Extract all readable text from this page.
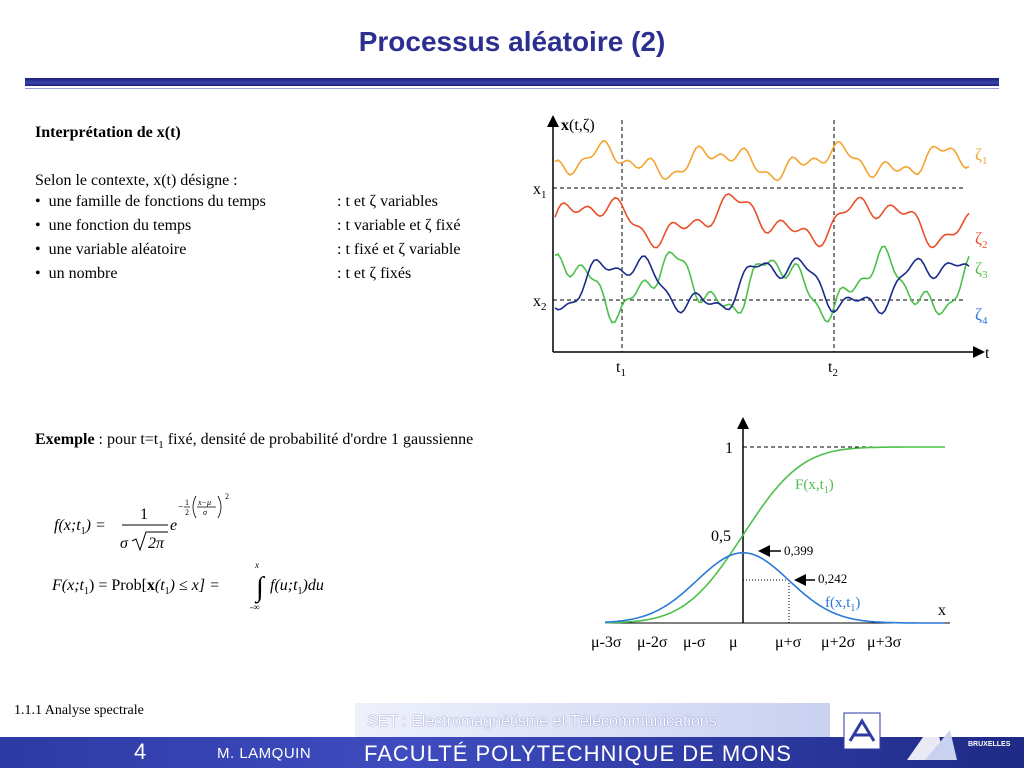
Processus aléatoire (2)
Interprétation de x(t)
Selon le contexte, x(t) désigne :
• une famille de fonctions du temps	: t et ζ variables
• une fonction du temps	: t variable et ζ fixé
• une variable aléatoire	: t fixé et ζ variable
• un nombre	: t et ζ fixés
x(t,ζ)
t
$x_1$
$x_2$
$t_1$	$t_2$
$\zeta_1$
$\zeta_2$
$\zeta_3$
$\zeta_4$
Exemple : pour $t=t_1$ fixé, densité de probabilité d'ordre 1 gaussienne
$f(x;t_1)$ =
1
σ 2π
e
− 1
2
x−μ
σ
2
$F(x;t_1)$ = $Prob[x(t_1) \le x]$ =
x
∫
-∞
$f(u;t_1)du$
1
0,5
0,399
0,242
$F(x,t_1)$
$f(x,t_1)$	x
μ-3σ μ-2σ μ-σ μ μ+σ μ+2σ μ+3σ
1.1.1 Analyse spectrale
SET : Electromagnétisme et Télécommunications
4	M. LAMQUIN FACULTÉ POLYTECHNIQUE DE MONS
ACADÉMIE
UNIVERSITAIRE
WALLONIE-
BRUXELLES
